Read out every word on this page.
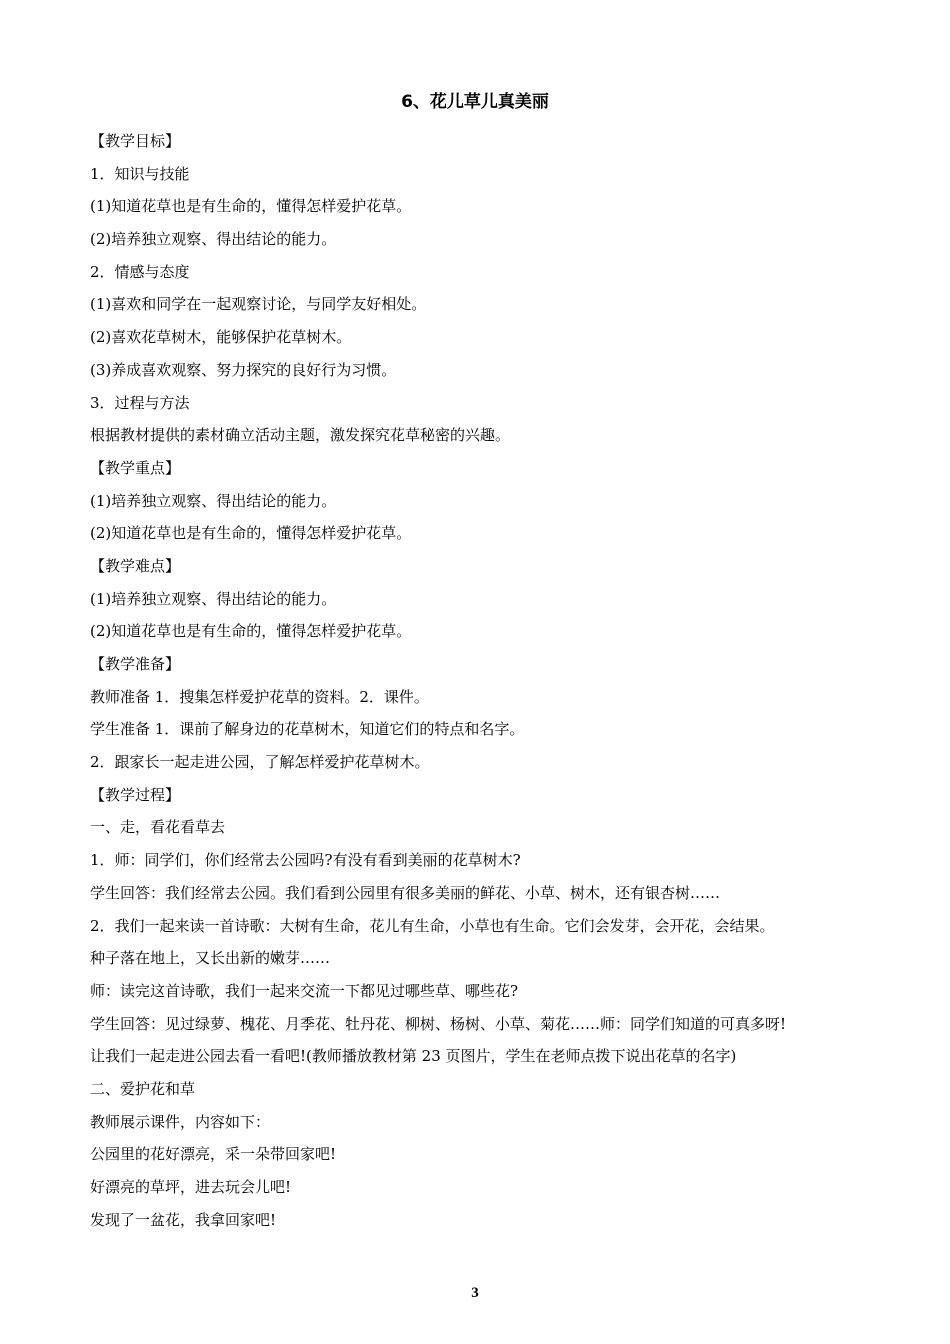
6、花儿草儿真美丽
【教学目标】
1．知识与技能
(1)知道花草也是有生命的，懂得怎样爱护花草。
(2)培养独立观察、得出结论的能力。
2．情感与态度
(1)喜欢和同学在一起观察讨论，与同学友好相处。
(2)喜欢花草树木，能够保护花草树木。
(3)养成喜欢观察、努力探究的良好行为习惯。
3．过程与方法
根据教材提供的素材确立活动主题，激发探究花草秘密的兴趣。
【教学重点】
(1)培养独立观察、得出结论的能力。
(2)知道花草也是有生命的，懂得怎样爱护花草。
【教学难点】
(1)培养独立观察、得出结论的能力。
(2)知道花草也是有生命的，懂得怎样爱护花草。
【教学准备】
教师准备 1．搜集怎样爱护花草的资料。2．课件。
学生准备 1．课前了解身边的花草树木，知道它们的特点和名字。
2．跟家长一起走进公园，了解怎样爱护花草树木。
【教学过程】
一、走，看花看草去
1．师：同学们，你们经常去公园吗?有没有看到美丽的花草树木?
学生回答：我们经常去公园。我们看到公园里有很多美丽的鲜花、小草、树木，还有银杏树……
2．我们一起来读一首诗歌：大树有生命，花儿有生命，小草也有生命。它们会发芽，会开花，会结果。
种子落在地上，又长出新的嫩芽……
师：读完这首诗歌，我们一起来交流一下都见过哪些草、哪些花?
学生回答：见过绿萝、槐花、月季花、牡丹花、柳树、杨树、小草、菊花……师：同学们知道的可真多呀!
让我们一起走进公园去看一看吧!(教师播放教材第 23 页图片，学生在老师点拨下说出花草的名字)
二、爱护花和草
教师展示课件，内容如下：
公园里的花好漂亮，采一朵带回家吧!
好漂亮的草坪，进去玩会儿吧!
发现了一盆花，我拿回家吧!
3
